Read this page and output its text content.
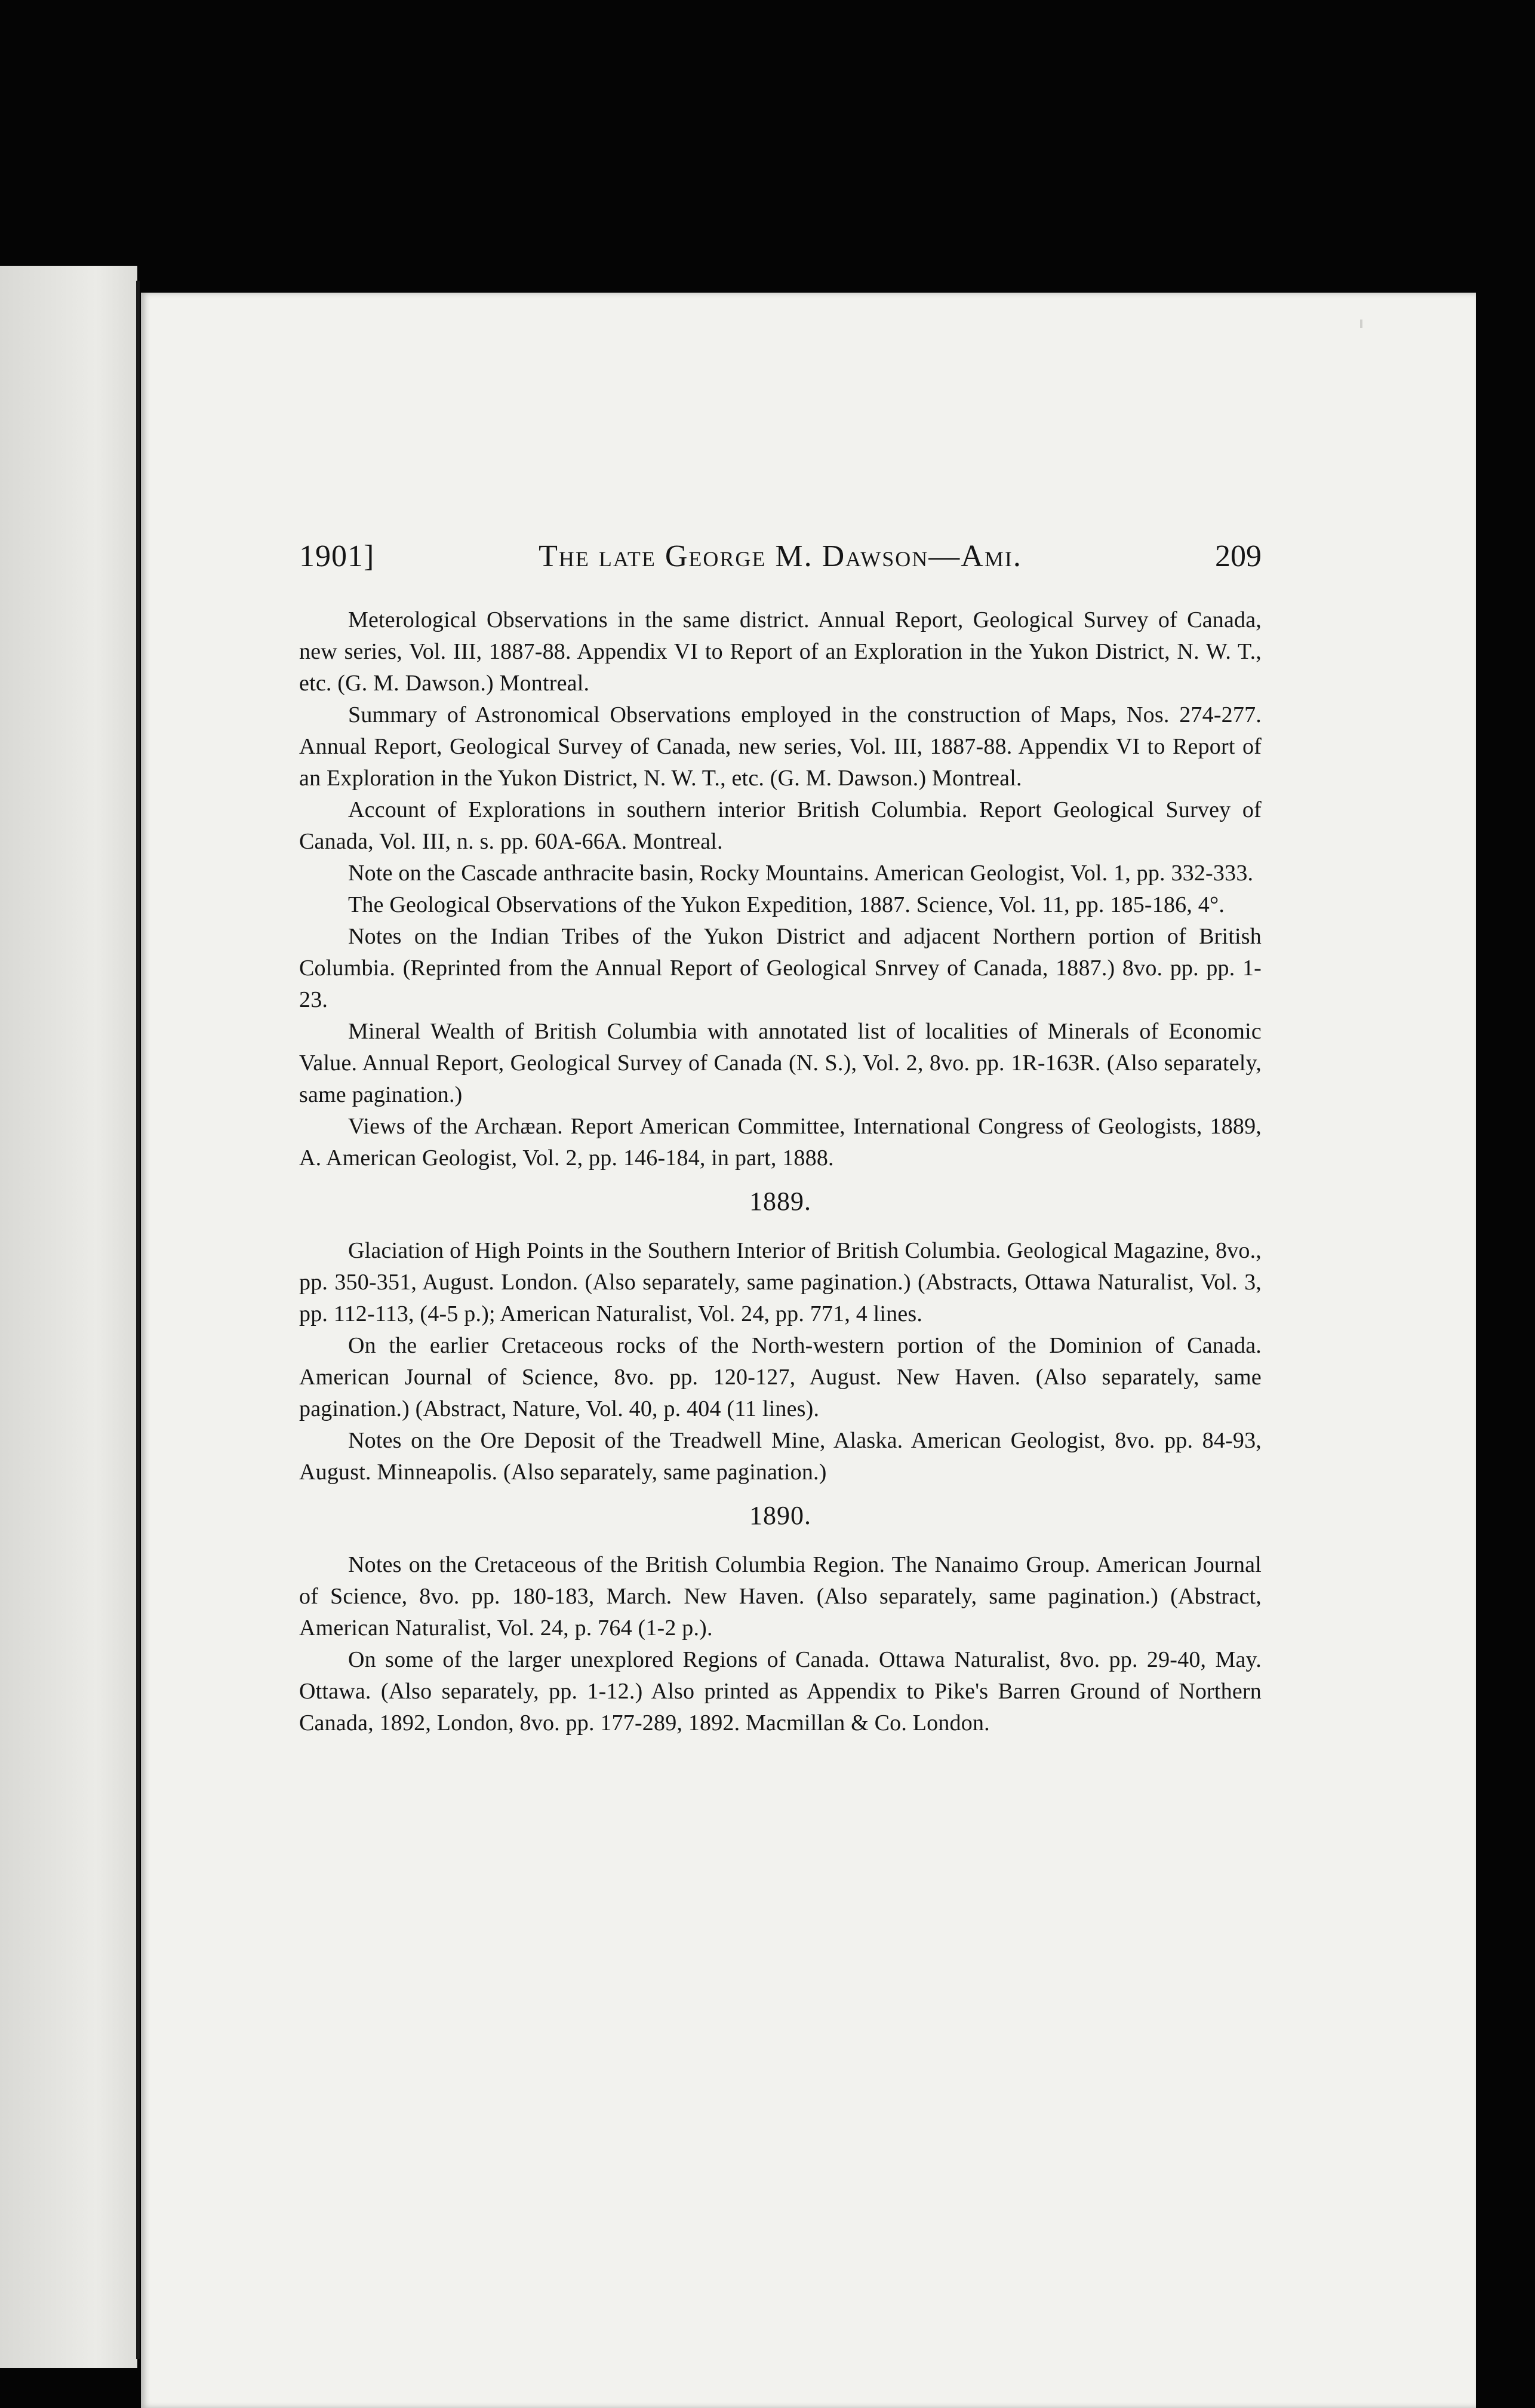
1901]	The late George M. Dawson—Ami.	209

Meterological Observations in the same district. Annual Report, Geological Survey of Canada, new series, Vol. III, 1887-88. Appendix VI to Report of an Exploration in the Yukon District, N. W. T., etc. (G. M. Dawson.) Montreal.

Summary of Astronomical Observations employed in the construction of Maps, Nos. 274-277. Annual Report, Geological Survey of Canada, new series, Vol. III, 1887-88. Appendix VI to Report of an Exploration in the Yukon District, N. W. T., etc. (G. M. Dawson.) Montreal.

Account of Explorations in southern interior British Columbia. Report Geological Survey of Canada, Vol. III, n. s. pp. 60A-66A. Montreal.

Note on the Cascade anthracite basin, Rocky Mountains. American Geologist, Vol. 1, pp. 332-333.

The Geological Observations of the Yukon Expedition, 1887. Science, Vol. 11, pp. 185-186, 4°.

Notes on the Indian Tribes of the Yukon District and adjacent Northern portion of British Columbia. (Reprinted from the Annual Report of Geological Snrvey of Canada, 1887.) 8vo. pp. pp. 1-23.

Mineral Wealth of British Columbia with annotated list of localities of Minerals of Economic Value. Annual Report, Geological Survey of Canada (N. S.), Vol. 2, 8vo. pp. 1R-163R. (Also separately, same pagination.)

Views of the Archæan. Report American Committee, International Congress of Geologists, 1889, A. American Geologist, Vol. 2, pp. 146-184, in part, 1888.

1889.

Glaciation of High Points in the Southern Interior of British Columbia. Geological Magazine, 8vo., pp. 350-351, August. London. (Also separately, same pagination.) (Abstracts, Ottawa Naturalist, Vol. 3, pp. 112-113, (4-5 p.); American Naturalist, Vol. 24, pp. 771, 4 lines.

On the earlier Cretaceous rocks of the North-western portion of the Dominion of Canada. American Journal of Science, 8vo. pp. 120-127, August. New Haven. (Also separately, same pagination.) (Abstract, Nature, Vol. 40, p. 404 (11 lines).

Notes on the Ore Deposit of the Treadwell Mine, Alaska. American Geologist, 8vo. pp. 84-93, August. Minneapolis. (Also separately, same pagination.)

1890.

Notes on the Cretaceous of the British Columbia Region. The Nanaimo Group. American Journal of Science, 8vo. pp. 180-183, March. New Haven. (Also separately, same pagination.) (Abstract, American Naturalist, Vol. 24, p. 764 (1-2 p.).

On some of the larger unexplored Regions of Canada. Ottawa Naturalist, 8vo. pp. 29-40, May. Ottawa. (Also separately, pp. 1-12.) Also printed as Appendix to Pike's Barren Ground of Northern Canada, 1892, London, 8vo. pp. 177-289, 1892. Macmillan & Co. London.
